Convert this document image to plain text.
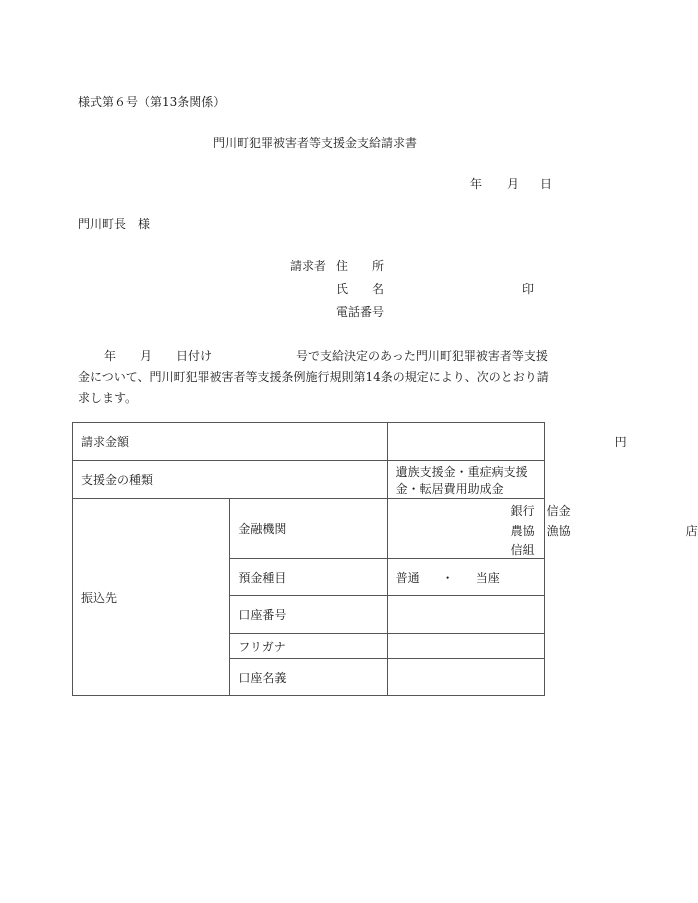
様式第６号（第13条関係）
門川町犯罪被害者等支援金支給請求書
年 月 日
門川町長　様
請求者 住　　所
氏　　名	印
電話番号
年 月 日付け	号で支給決定のあった門川町犯罪被害者等支援金について、門川町犯罪被害者等支援条例施行規則第14条の規定により、次のとおり請求します。
請求金額		円
支援金の種類		遺族支援金・重症病支援金・転居費用助成金
振込先	金融機関	銀行　信金
農協　漁協
信組
店

	預金種目	普通 ・ 当座
	口座番号	
	フリガナ	
	口座名義	
